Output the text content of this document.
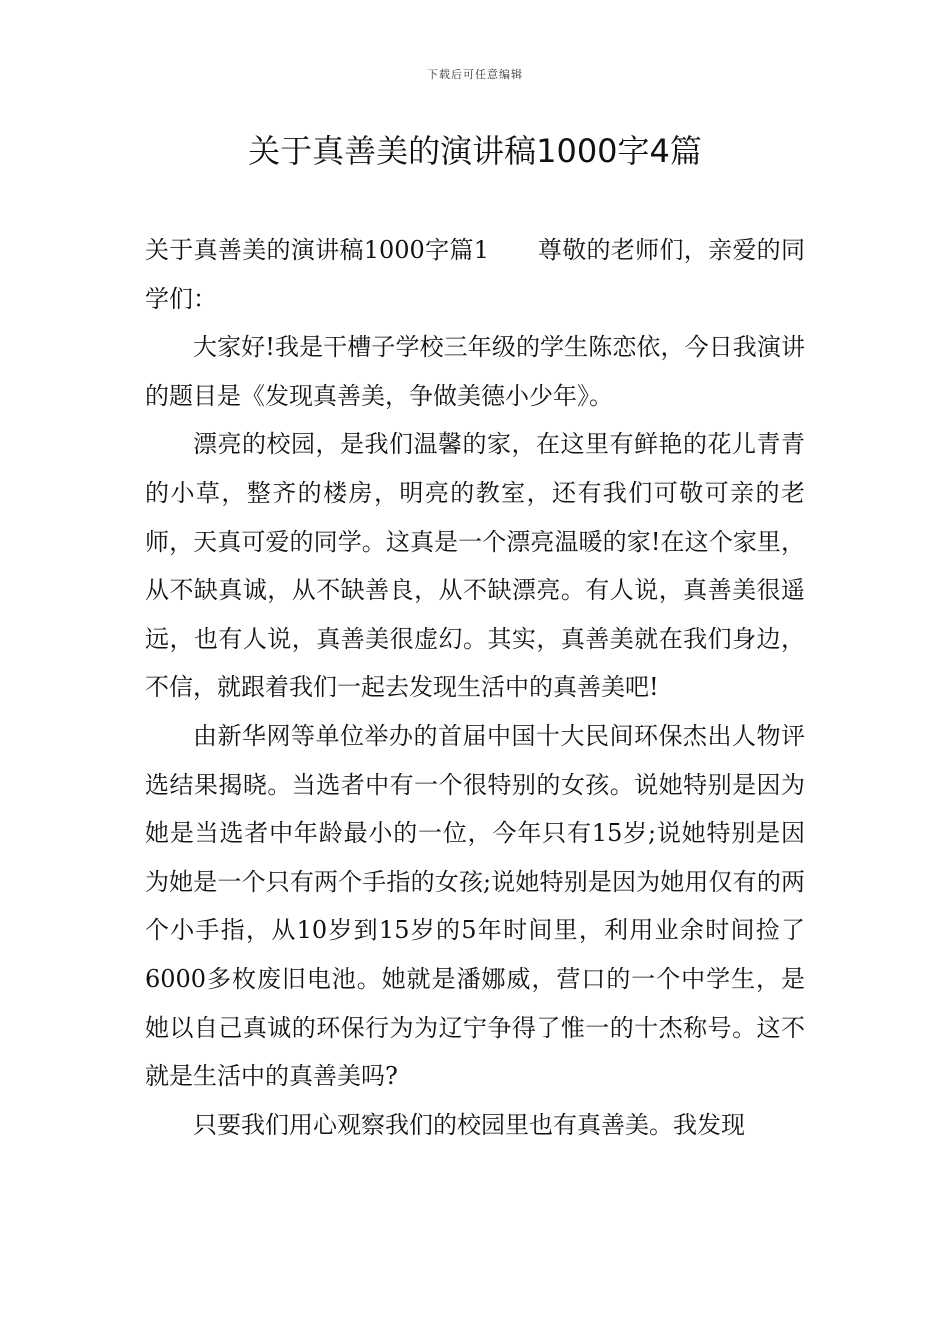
下载后可任意编辑
关于真善美的演讲稿1000字4篇

关于真善美的演讲稿1000字篇1　　尊敬的老师们，亲爱的同学们：

大家好!我是干槽子学校三年级的学生陈恋依，今日我演讲的题目是《发现真善美，争做美德小少年》。

漂亮的校园，是我们温馨的家，在这里有鲜艳的花儿青青的小草，整齐的楼房，明亮的教室，还有我们可敬可亲的老师，天真可爱的同学。这真是一个漂亮温暖的家!在这个家里，从不缺真诚，从不缺善良，从不缺漂亮。有人说，真善美很遥远，也有人说，真善美很虚幻。其实，真善美就在我们身边，不信，就跟着我们一起去发现生活中的真善美吧!

由新华网等单位举办的首届中国十大民间环保杰出人物评选结果揭晓。当选者中有一个很特别的女孩。说她特别是因为她是当选者中年龄最小的一位，今年只有15岁;说她特别是因为她是一个只有两个手指的女孩;说她特别是因为她用仅有的两个小手指，从10岁到15岁的5年时间里，利用业余时间捡了6000多枚废旧电池。她就是潘娜威，营口的一个中学生，是她以自己真诚的环保行为为辽宁争得了惟一的十杰称号。这不就是生活中的真善美吗?

只要我们用心观察我们的校园里也有真善美。我发现
